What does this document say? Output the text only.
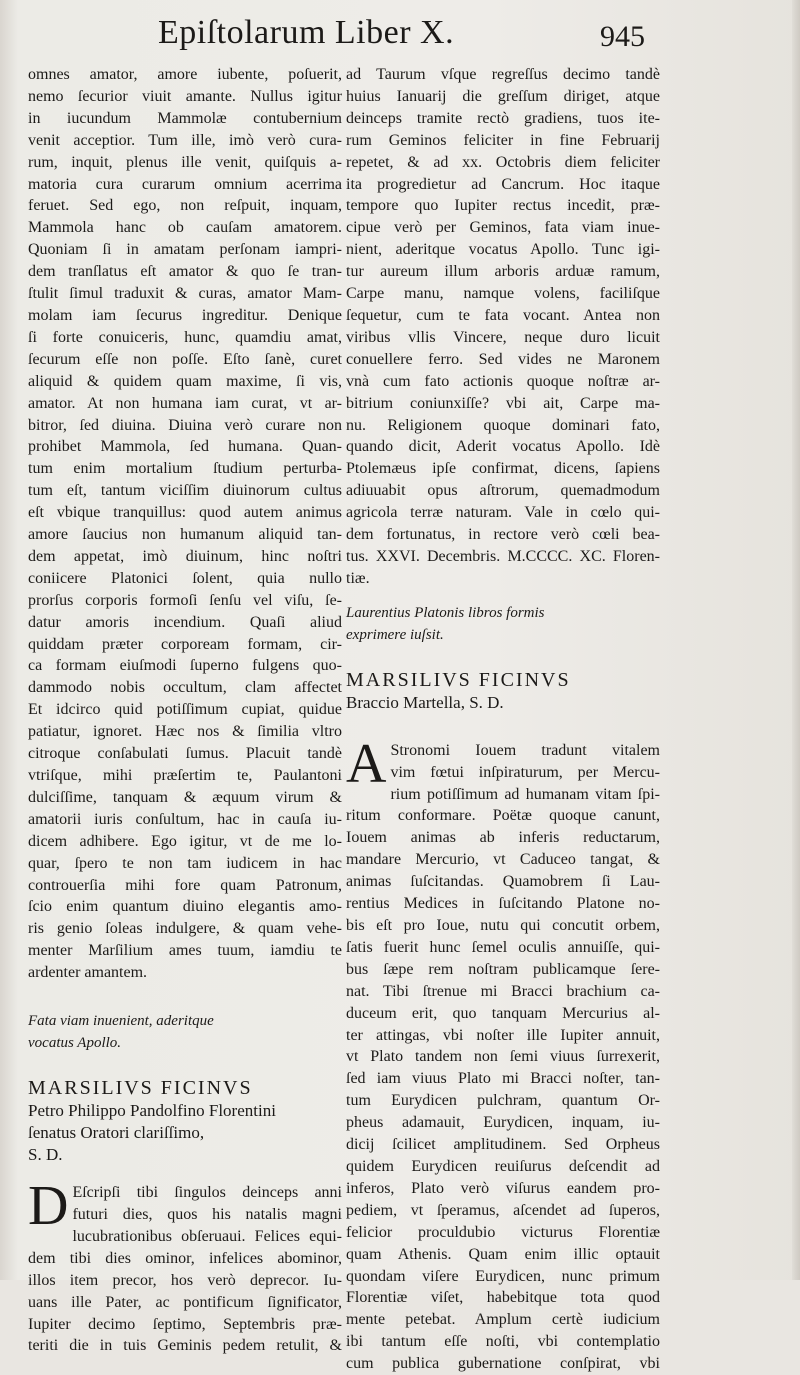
Epiſtolarum Liber X.	945
omnes amator, amore iubente, poſuerit,
nemo ſecurior viuit amante. Nullus igitur
in iucundum Mammolæ contubernium
venit acceptior. Tum ille, imò verò cura-
rum, inquit, plenus ille venit, quiſquis a-
matoria cura curarum omnium acerrima
feruet. Sed ego, non reſpuit, inquam,
Mammola hanc ob cauſam amatorem.
Quoniam ſi in amatam perſonam iampri-
dem tranſlatus eſt amator & quo ſe tran-
ſtulit ſimul traduxit & curas, amator Mam-
molam iam ſecurus ingreditur. Denique
ſi forte conuiceris, hunc, quamdiu amat,
ſecurum eſſe non poſſe. Eſto ſanè, curet
aliquid & quidem quam maxime, ſi vis,
amator. At non humana iam curat, vt ar-
bitror, ſed diuina. Diuina verò curare non
prohibet Mammola, ſed humana. Quan-
tum enim mortalium ſtudium perturba-
tum eſt, tantum viciſſim diuinorum cultus
eſt vbique tranquillus: quod autem animus
amore ſaucius non humanum aliquid tan-
dem appetat, imò diuinum, hinc noſtri
coniicere Platonici ſolent, quia nullo
prorſus corporis formoſi ſenſu vel viſu, ſe-
datur amoris incendium. Quaſi aliud
quiddam præter corpoream formam, cir-
ca formam eiuſmodi ſuperno fulgens quo-
dammodo nobis occultum, clam affectet
Et idcirco quid potiſſimum cupiat, quidue
patiatur, ignoret. Hæc nos & ſimilia vltro
citroque conſabulati ſumus. Placuit tandè
vtriſque, mihi præſertim te, Paulantoni
dulciſſime, tanquam & æquum virum &
amatorii iuris conſultum, hac in cauſa iu-
dicem adhibere. Ego igitur, vt de me lo-
quar, ſpero te non tam iudicem in hac
controuerſia mihi fore quam Patronum,
ſcio enim quantum diuino elegantis amo-
ris genio ſoleas indulgere, & quam vehe-
menter Marſilium ames tuum, iamdiu te
ardenter amantem.

Fata viam inuenient, aderitque

vocatus Apollo.

MARSILIVS FICINVS

Petro Philippo Pandolfino Florentini

ſenatus Oratori clariſſimo,

S. D.

D Eſcripſi tibi ſingulos deinceps anni
futuri dies, quos his natalis magni
lucubrationibus obſeruaui. Felices equi-
dem tibi dies ominor, infelices abominor,
illos item precor, hos verò deprecor. Iu-
uans ille Pater, ac pontificum ſignificator,
Iupiter decimo ſeptimo, Septembris præ-
teriti die in tuis Geminis pedem retulit, &
ad Taurum vſque regreſſus decimo tandè
huius Ianuarij die greſſum diriget, atque
deinceps tramite rectò gradiens, tuos ite-
rum Geminos feliciter in fine Februarij
repetet, & ad xx. Octobris diem feliciter
ita progredietur ad Cancrum. Hoc itaque
tempore quo Iupiter rectus incedit, præ-
cipue verò per Geminos, fata viam inue-
nient, aderitque vocatus Apollo. Tunc igi-
tur aureum illum arboris arduæ ramum,
Carpe manu, namque volens, faciliſque
ſequetur, cum te fata vocant. Antea non
viribus vllis Vincere, neque duro licuit
conuellere ferro. Sed vides ne Maronem
vnà cum fato actionis quoque noſtræ ar-
bitrium coniunxiſſe? vbi ait, Carpe ma-
nu. Religionem quoque dominari fato,
quando dicit, Aderit vocatus Apollo. Idè
Ptolemæus ipſe confirmat, dicens, ſapiens
adiuuabit opus aſtrorum, quemadmodum
agricola terræ naturam. Vale in cœlo qui-
dem fortunatus, in rectore verò cœli bea-
tus. XXVI. Decembris. M.CCCC. XC. Floren-
tiæ.

Laurentius Platonis libros formis

exprimere iuſsit.

MARSILIVS FICINVS

Braccio Martella, S. D.

A Stronomi Iouem tradunt vitalem
vim fœtui inſpiraturum, per Mercu-
rium potiſſimum ad humanam vitam ſpi-
ritum conformare. Poëtæ quoque canunt,
Iouem animas ab inferis reductarum,
mandare Mercurio, vt Caduceo tangat, &
animas ſuſcitandas. Quamobrem ſi Lau-
rentius Medices in ſuſcitando Platone no-
bis eſt pro Ioue, nutu qui concutit orbem,
ſatis fuerit hunc ſemel oculis annuiſſe, qui-
bus ſæpe rem noſtram publicamque ſere-
nat. Tibi ſtrenue mi Bracci brachium ca-
duceum erit, quo tanquam Mercurius al-
ter attingas, vbi noſter ille Iupiter annuit,
vt Plato tandem non ſemi viuus ſurrexerit,
ſed iam viuus Plato mi Bracci noſter, tan-
tum Eurydicen pulchram, quantum Or-
pheus adamauit, Eurydicen, inquam, iu-
dicij ſcilicet amplitudinem. Sed Orpheus
quidem Eurydicen reuiſurus deſcendit ad
inferos, Plato verò viſurus eandem pro-
pediem, vt ſperamus, aſcendet ad ſuperos,
felicior proculdubio victurus Florentiæ
quam Athenis. Quam enim illic optauit
quondam viſere Eurydicen, nunc primum
Florentiæ viſet, habebitque tota quod
mente petebat. Amplum certè iudicium
ibi tantum eſſe noſti, vbi contemplatio
cum publica gubernatione conſpirat, vbi
